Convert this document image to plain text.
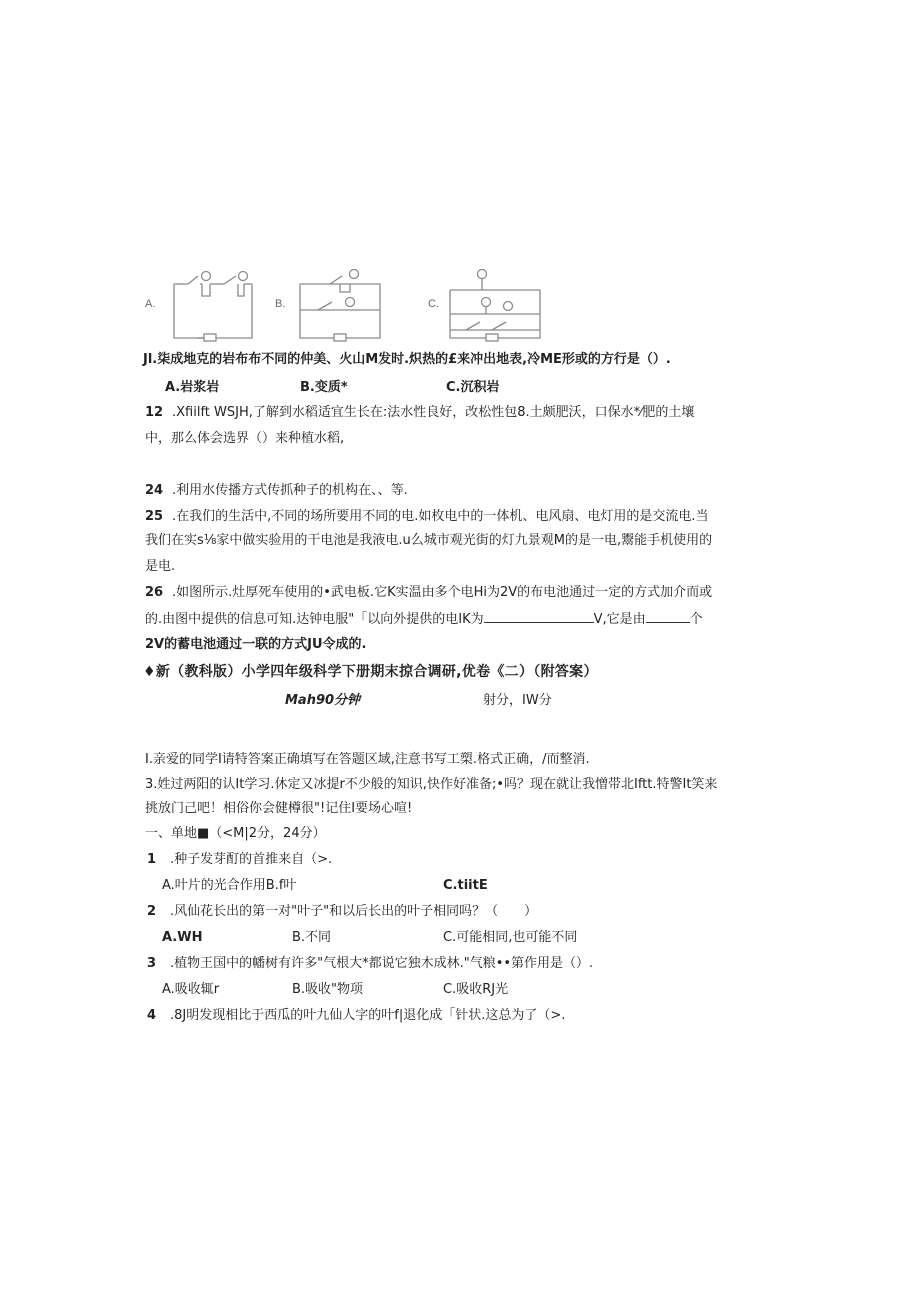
A.	B.	C.
Jl.柒成地克的岩布布不同的仲美、火山M发时.炽热的£来冲出地表,冷ME形或的方行是（）.
A.岩浆岩	B.变质*	C.沉积岩
12 .Xfiilft WSJH,了解到水稻适宜生长在:法水性良好，改松性包8.土颇肥沃，口保水*⁄肥的土壤
中，那么体会选界（）来种植水稻,
24 .利用水传播方式传抓种子的机构在、、等.
25 .在我们的生活中,不同的场所要用不同的电.如枚电中的一体机、电风扇、电灯用的是交流电.当
我们在实s⅛家中做实验用的干电池是我液电.u么城市观光街的灯九景观M的是一电,鬻能手机使用的
是电.
26 .如图所示.灶厚死车使用的•武电板.它K实温由多个电Hi为2V的布电池通过一定的方式加介而或
的.由图中提供的信息可知.达钟电服"「以向外提供的电IK为	V,它是由	个
2V的蓄电池通过一联的方式JU令成的.
♦新（教科版）小学四年级科学下册期末掠合调研,优卷《二）（附答案）
Mah90分钟	射分，IW分
I.亲爱的同学I请特答案正确填写在答题区域,注意书写工槊.格式正确，/而整消.
3.姓过两阳的认It学习.休定又冰提r不少般的知识,快作好准备;•吗？现在就让我憎带北Iftt.特警It笑来
挑放门己吧！相俗你会健樽很"!记住I要场心喧!
一、单地■（<M|2分，24分）
1 .种子发芽酊的首推来自（>.
A.叶片的光合作用B.f叶	C.tiitE
2 .风仙花长出的第一对"叶子"和以后长出的叶子相同吗？（　　）
A.WH	B.不同	C.可能相同,也可能不同
3 .植物王国中的幡树有许多"气根大*都说它独木成林."气粮••第作用是（）.
A.吸收辄r	B.吸收"物项	C.吸收RJ光
4 .8J明发现相比于西瓜的叶九仙人字的叶f|退化成「针状.这总为了（>.
